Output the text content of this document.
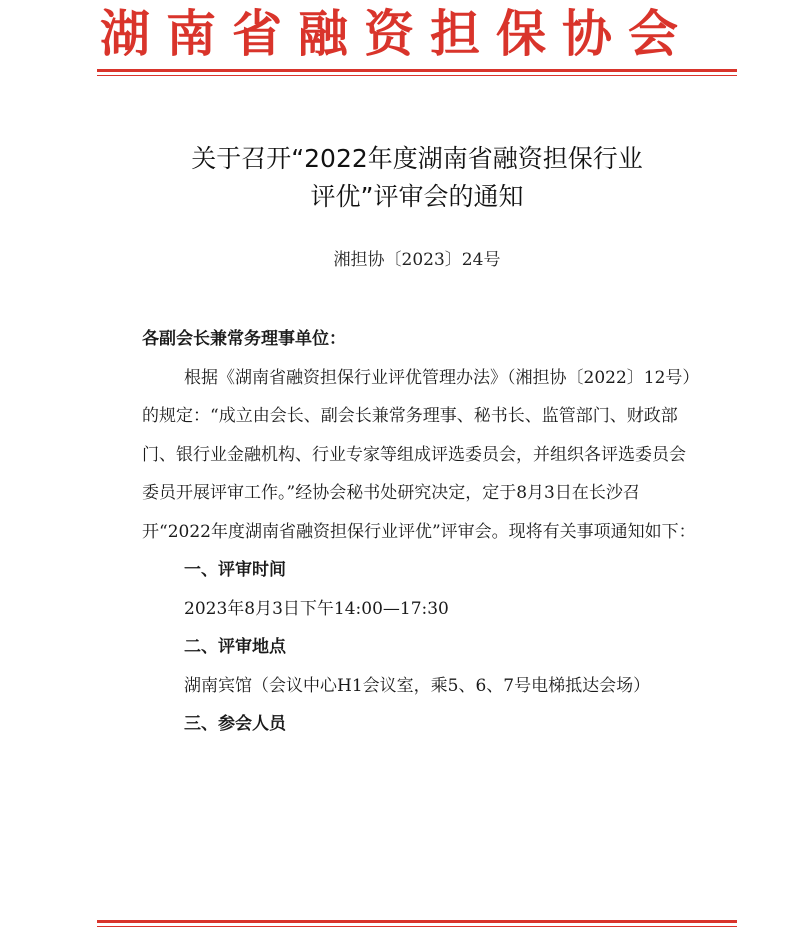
湖南省融资担保协会
关于召开“2022年度湖南省融资担保行业
评优”评审会的通知
湘担协〔2023〕24号

各副会长兼常务理事单位：

根据《湖南省融资担保行业评优管理办法》（湘担协〔2022〕12号）的规定：“成立由会长、副会长兼常务理事、秘书长、监管部门、财政部门、银行业金融机构、行业专家等组成评选委员会，并组织各评选委员会委员开展评审工作。”经协会秘书处研究决定，定于8月3日在长沙召开“2022年度湖南省融资担保行业评优”评审会。现将有关事项通知如下：

一、评审时间

2023年8月3日下午14:00—17:30

二、评审地点

湖南宾馆（会议中心H1会议室，乘5、6、7号电梯抵达会场）

三、参会人员
